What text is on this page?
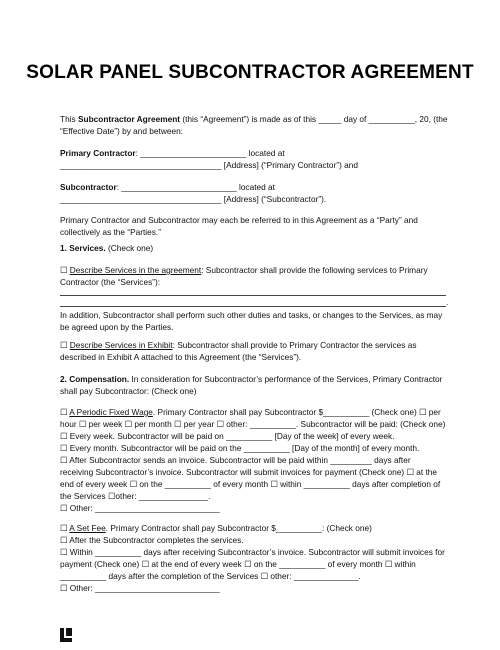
SOLAR PANEL SUBCONTRACTOR AGREEMENT

This Subcontractor Agreement (this “Agreement”) is made as of this _____ day of __________, 20, (the “Effective Date”) by and between:

Primary Contractor: _______________________ located at

___________________________________ [Address] (“Primary Contractor”) and

Subcontractor: _________________________ located at

___________________________________ [Address] (“Subcontractor”).

Primary Contractor and Subcontractor may each be referred to in this Agreement as a “Party” and collectively as the “Parties.”

1. Services. (Check one)

☐ Describe Services in the agreement: Subcontractor shall provide the following services to Primary Contractor (the “Services”):

.

In addition, Subcontractor shall perform such other duties and tasks, or changes to the Services, as may be agreed upon by the Parties.

☐ Describe Services in Exhibit: Subcontractor shall provide to Primary Contractor the services as described in Exhibit A attached to this Agreement (the “Services”).

2. Compensation. In consideration for Subcontractor’s performance of the Services, Primary Contractor shall pay Subcontractor: (Check one)

☐ A Periodic Fixed Wage. Primary Contractor shall pay Subcontractor $__________ (Check one) ☐ per

hour ☐ per week ☐ per month ☐ per year ☐ other: __________. Subcontractor will be paid: (Check one)

☐ Every week. Subcontractor will be paid on __________ [Day of the week] of every week.

☐ Every month. Subcontractor will be paid on the __________ [Day of the month] of every month.

☐ After Subcontractor sends an invoice. Subcontractor will be paid within _________ days after

receiving Subcontractor’s invoice. Subcontractor will submit invoices for payment (Check one) ☐ at the

end of every week ☐ on the __________ of every month ☐ within __________ days after completion of

the Services ☐other: _______________.

☐ Other: ___________________________

☐ A Set Fee. Primary Contractor shall pay Subcontractor $__________: (Check one)

☐ After the Subcontractor completes the services.

☐ Within __________ days after receiving Subcontractor’s invoice. Subcontractor will submit invoices for

payment (Check one) ☐ at the end of every week ☐ on the __________ of every month ☐ within

__________ days after the completion of the Services ☐ other: ______________.

☐ Other: ___________________________
